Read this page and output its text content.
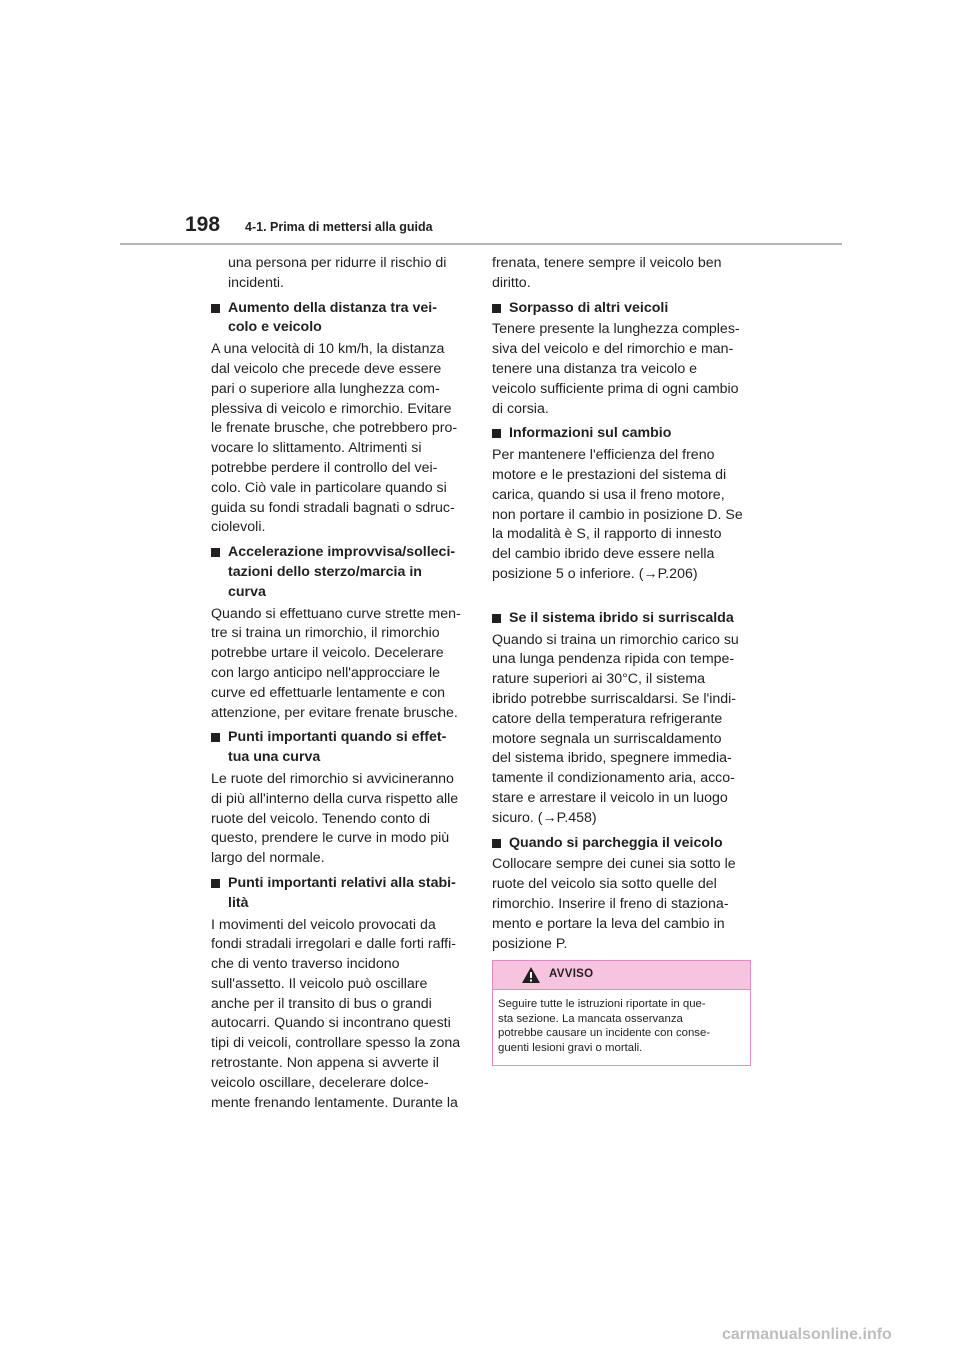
198 4-1. Prima di mettersi alla guida

una persona per ridurre il rischio di
incidenti.

Aumento della distanza tra vei-
colo e veicolo

A una velocità di 10 km/h, la distanza
dal veicolo che precede deve essere
pari o superiore alla lunghezza com-
plessiva di veicolo e rimorchio. Evitare
le frenate brusche, che potrebbero pro-
vocare lo slittamento. Altrimenti si
potrebbe perdere il controllo del vei-
colo. Ciò vale in particolare quando si
guida su fondi stradali bagnati o sdruc-
ciolevoli.

Accelerazione improvvisa/solleci-
tazioni dello sterzo/marcia in
curva

Quando si effettuano curve strette men-
tre si traina un rimorchio, il rimorchio
potrebbe urtare il veicolo. Decelerare
con largo anticipo nell'approcciare le
curve ed effettuarle lentamente e con
attenzione, per evitare frenate brusche.

Punti importanti quando si effet-
tua una curva

Le ruote del rimorchio si avvicineranno
di più all'interno della curva rispetto alle
ruote del veicolo. Tenendo conto di
questo, prendere le curve in modo più
largo del normale.

Punti importanti relativi alla stabi-
lità

I movimenti del veicolo provocati da
fondi stradali irregolari e dalle forti raffi-
che di vento traverso incidono
sull'assetto. Il veicolo può oscillare
anche per il transito di bus o grandi
autocarri. Quando si incontrano questi
tipi di veicoli, controllare spesso la zona
retrostante. Non appena si avverte il
veicolo oscillare, decelerare dolce-
mente frenando lentamente. Durante la

frenata, tenere sempre il veicolo ben
diritto.

Sorpasso di altri veicoli

Tenere presente la lunghezza comples-
siva del veicolo e del rimorchio e man-
tenere una distanza tra veicolo e
veicolo sufficiente prima di ogni cambio
di corsia.

Informazioni sul cambio

Per mantenere l'efficienza del freno
motore e le prestazioni del sistema di
carica, quando si usa il freno motore,
non portare il cambio in posizione D. Se
la modalità è S, il rapporto di innesto
del cambio ibrido deve essere nella
posizione 5 o inferiore. (→P.206)

Se il sistema ibrido si surriscalda

Quando si traina un rimorchio carico su
una lunga pendenza ripida con tempe-
rature superiori ai 30°C, il sistema
ibrido potrebbe surriscaldarsi. Se l'indi-
catore della temperatura refrigerante
motore segnala un surriscaldamento
del sistema ibrido, spegnere immedia-
tamente il condizionamento aria, acco-
stare e arrestare il veicolo in un luogo
sicuro. (→P.458)

Quando si parcheggia il veicolo

Collocare sempre dei cunei sia sotto le
ruote del veicolo sia sotto quelle del
rimorchio. Inserire il freno di staziona-
mento e portare la leva del cambio in
posizione P.

AVVISO

Seguire tutte le istruzioni riportate in que-
sta sezione. La mancata osservanza
potrebbe causare un incidente con conse-
guenti lesioni gravi o mortali.

carmanualsonline.info
